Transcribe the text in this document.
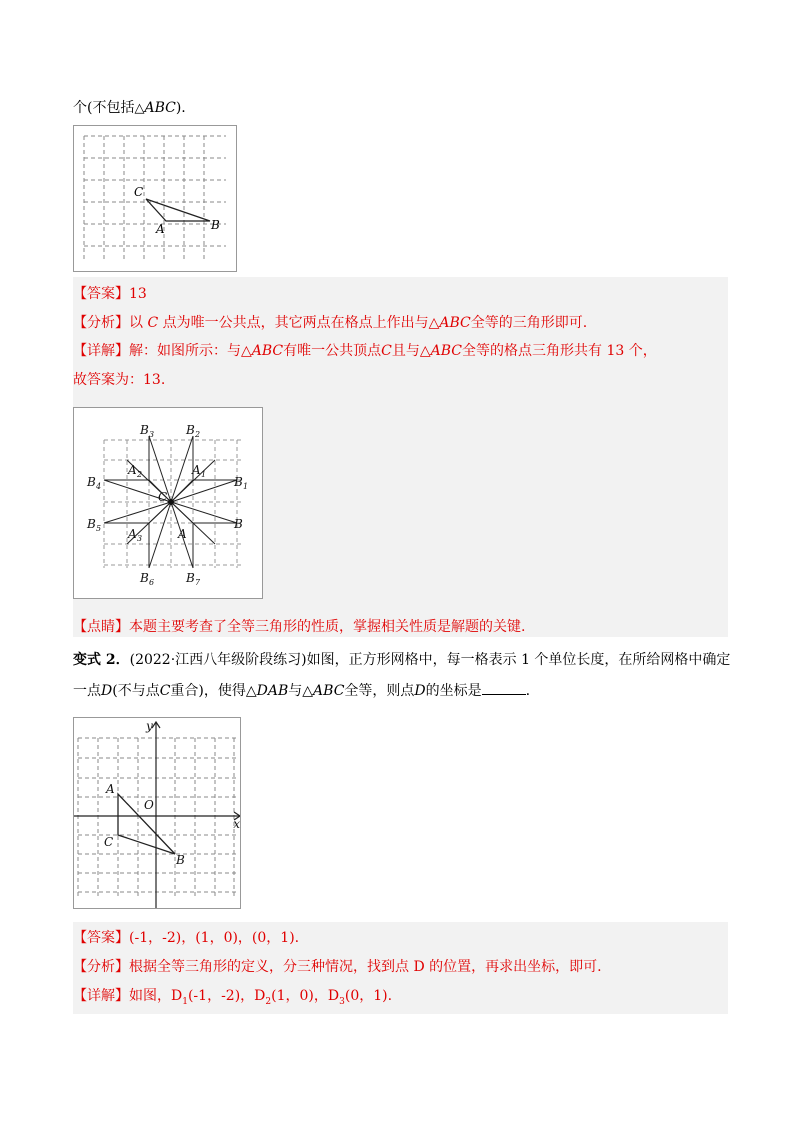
个(不包括△ABC).
C
A	B
【答案】13
【分析】以 C 点为唯一公共点，其它两点在格点上作出与△ABC全等的三角形即可.
【详解】解：如图所示：与△ABC有唯一公共顶点C且与△ABC全等的格点三角形共有 13 个，
故答案为：13.
B 3	B 2
A 2	A 1
B 4	B 1
C
B 5	B
A 3	A
B 6	B 7
【点睛】本题主要考查了全等三角形的性质，掌握相关性质是解题的关键.
变式 2．(2022·江西八年级阶段练习)如图，正方形网格中，每一格表示 1 个单位长度，在所给网格中确定
一点D(不与点C重合)，使得△DAB与△ABC全等，则点D的坐标是	.
y
x
O
A
C
B
【答案】(-1，-2)，(1，0)，(0，1).
【分析】根据全等三角形的定义，分三种情况，找到点 D 的位置，再求出坐标，即可.
【详解】如图，$D_1(-1$，-2)，$D_2(1$，0)，$D_3(0$，1).
